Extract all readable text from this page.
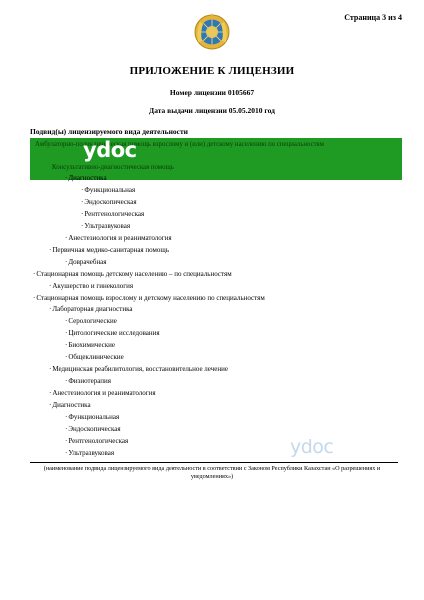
Страница 3 из 4
ПРИЛОЖЕНИЕ К ЛИЦЕНЗИИ
Номер лицензии 0105667
Дата выдачи лицензии 05.05.2010 год
Подвид(ы) лицензируемого вида деятельности
Амбулаторно-поликлиническая помощь взрослому и (или) детскому населению по специальностям
Консультативно-диагностическая помощь
ydoc
· Диагностика
· Функциональная
· Эндоскопическая
· Рентгенологическая
· Ультразвуковая
· Анестезиология и реаниматология
· Первичная медико-санитарная помощь
· Доврачебная
· Стационарная помощь детскому населению – по специальностям
· Акушерство и гинекология
· Стационарная помощь взрослому и детскому населению по специальностям
· Лабораторная диагностика
· Серологические
· Цитологические исследования
· Биохимические
· Общеклинические
· Медицинская реабилитология, восстановительное лечение
· Физиотерапия
· Анестезиология и реаниматология
· Диагностика
· Функциональная
· Эндоскопическая
· Рентгенологическая
· Ультразвуковая	ydoc
(наименование подвида лицензируемого вида деятельности в соответствии с Законом Республики Казахстан «О разрешениях и уведомлениях»)
